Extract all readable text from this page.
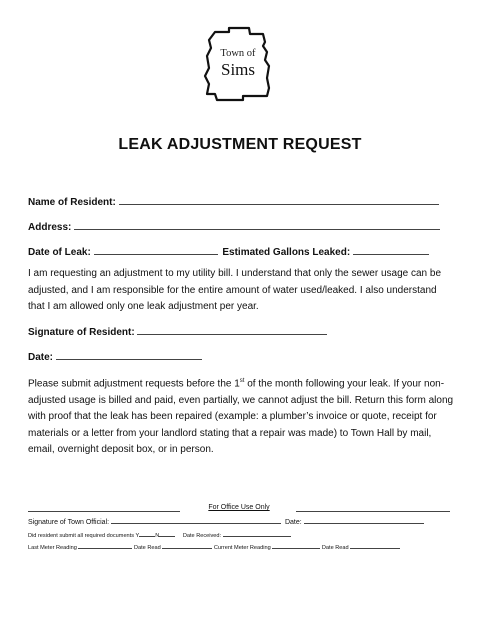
Town of
Sims
LEAK ADJUSTMENT REQUEST
Name of Resident:
Address:
Date of Leak:	Estimated Gallons Leaked:

I am requesting an adjustment to my utility bill. I understand that only the sewer usage can be adjusted, and I am responsible for the entire amount of water used/leaked. I also understand that I am allowed only one leak adjustment per year.

Signature of Resident:
Date:

Please submit adjustment requests before the 1st of the month following your leak. If your non-adjusted usage is billed and paid, even partially, we cannot adjust the bill. Return this form along with proof that the leak has been repaired (example: a plumber’s invoice or quote, receipt for materials or a letter from your landlord stating that a repair was made) to Town Hall by mail, email, overnight deposit box, or in person.

For Office Use Only
Signature of Town Official:	Date:
Did resident submit all required documents Y	N	Date Received:
Last Meter Reading	Date Read	Current Meter Reading	Date Read
